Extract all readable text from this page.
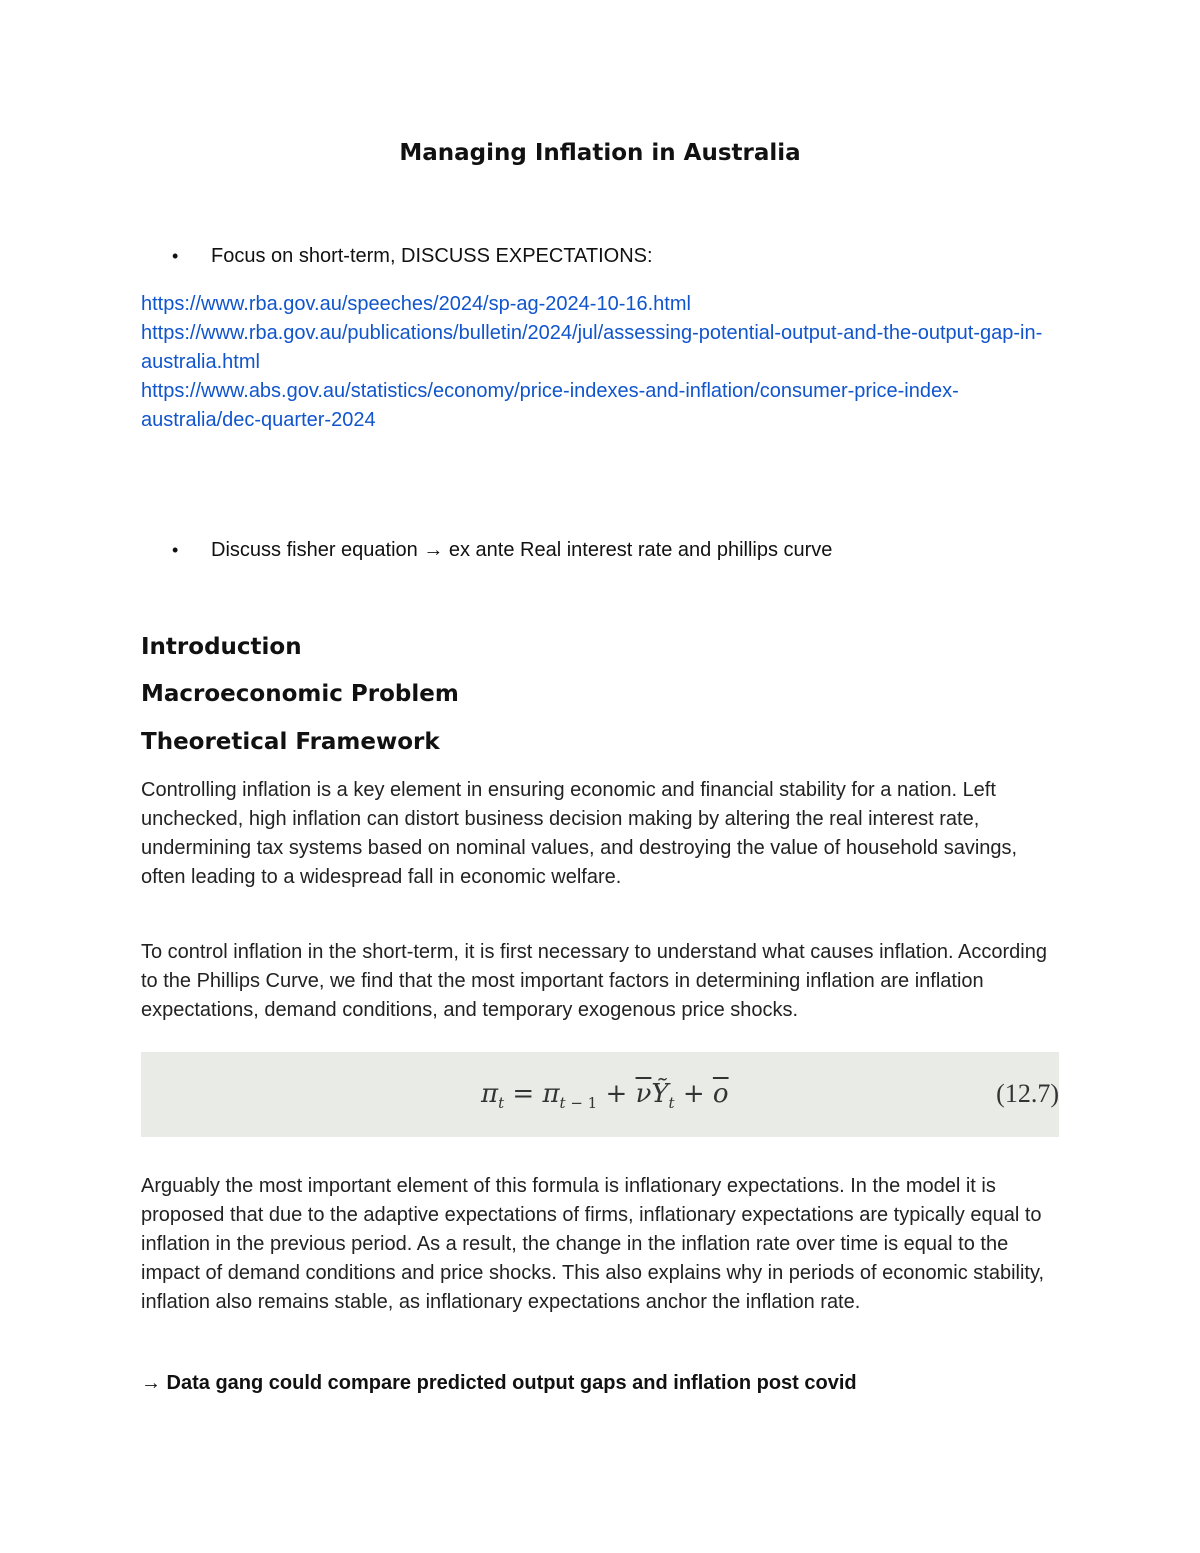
Managing Inflation in Australia
•	Focus on short-term, DISCUSS EXPECTATIONS:
https://www.rba.gov.au/speeches/2024/sp-ag-2024-10-16.html
https://www.rba.gov.au/publications/bulletin/2024/jul/assessing-potential-output-and-the-output-gap-in-australia.html
https://www.abs.gov.au/statistics/economy/price-indexes-and-inflation/consumer-price-index-australia/dec-quarter-2024
•	Discuss fisher equation → ex ante Real interest rate and phillips curve
Introduction
Macroeconomic Problem
Theoretical Framework
Controlling inflation is a key element in ensuring economic and financial stability for a nation. Left unchecked, high inflation can distort business decision making by altering the real interest rate, undermining tax systems based on nominal values, and destroying the value of household savings, often leading to a widespread fall in economic welfare.
To control inflation in the short-term, it is first necessary to understand what causes inflation. According to the Phillips Curve, we find that the most important factors in determining inflation are inflation expectations, demand conditions, and temporary exogenous price shocks.
$\pi_t = \pi_{t - 1}$ + $\overline{\nu}Ỹ_t + \overline{o}$	(12.7)
Arguably the most important element of this formula is inflationary expectations. In the model it is proposed that due to the adaptive expectations of firms, inflationary expectations are typically equal to inflation in the previous period. As a result, the change in the inflation rate over time is equal to the impact of demand conditions and price shocks. This also explains why in periods of economic stability, inflation also remains stable, as inflationary expectations anchor the inflation rate.
→ Data gang could compare predicted output gaps and inflation post covid
